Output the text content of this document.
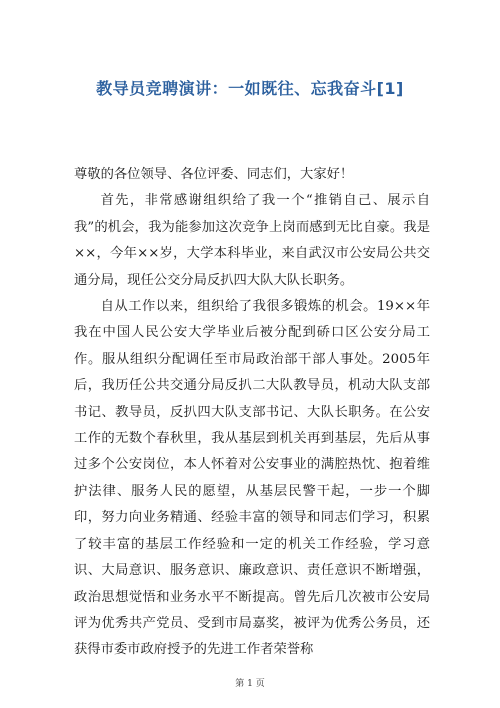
教导员竞聘演讲：一如既往、忘我奋斗[1]

尊敬的各位领导、各位评委、同志们，大家好！

首先，非常感谢组织给了我一个“推销自己、展示自我”的机会，我为能参加这次竞争上岗而感到无比自豪。我是××，今年××岁，大学本科毕业，来自武汉市公安局公共交通分局，现任公交分局反扒四大队大队长职务。

自从工作以来，组织给了我很多锻炼的机会。19××年我在中国人民公安大学毕业后被分配到硚口区公安分局工作。服从组织分配调任至市局政治部干部人事处。2005年后，我历任公共交通分局反扒二大队教导员，机动大队支部书记、教导员，反扒四大队支部书记、大队长职务。在公安工作的无数个春秋里，我从基层到机关再到基层，先后从事过多个公安岗位，本人怀着对公安事业的满腔热忱、抱着维护法律、服务人民的愿望，从基层民警干起，一步一个脚印，努力向业务精通、经验丰富的领导和同志们学习，积累了较丰富的基层工作经验和一定的机关工作经验，学习意识、大局意识、服务意识、廉政意识、责任意识不断增强，政治思想觉悟和业务水平不断提高。曾先后几次被市公安局评为优秀共产党员、受到市局嘉奖，被评为优秀公务员，还获得市委市政府授予的先进工作者荣誉称

第 1 页
